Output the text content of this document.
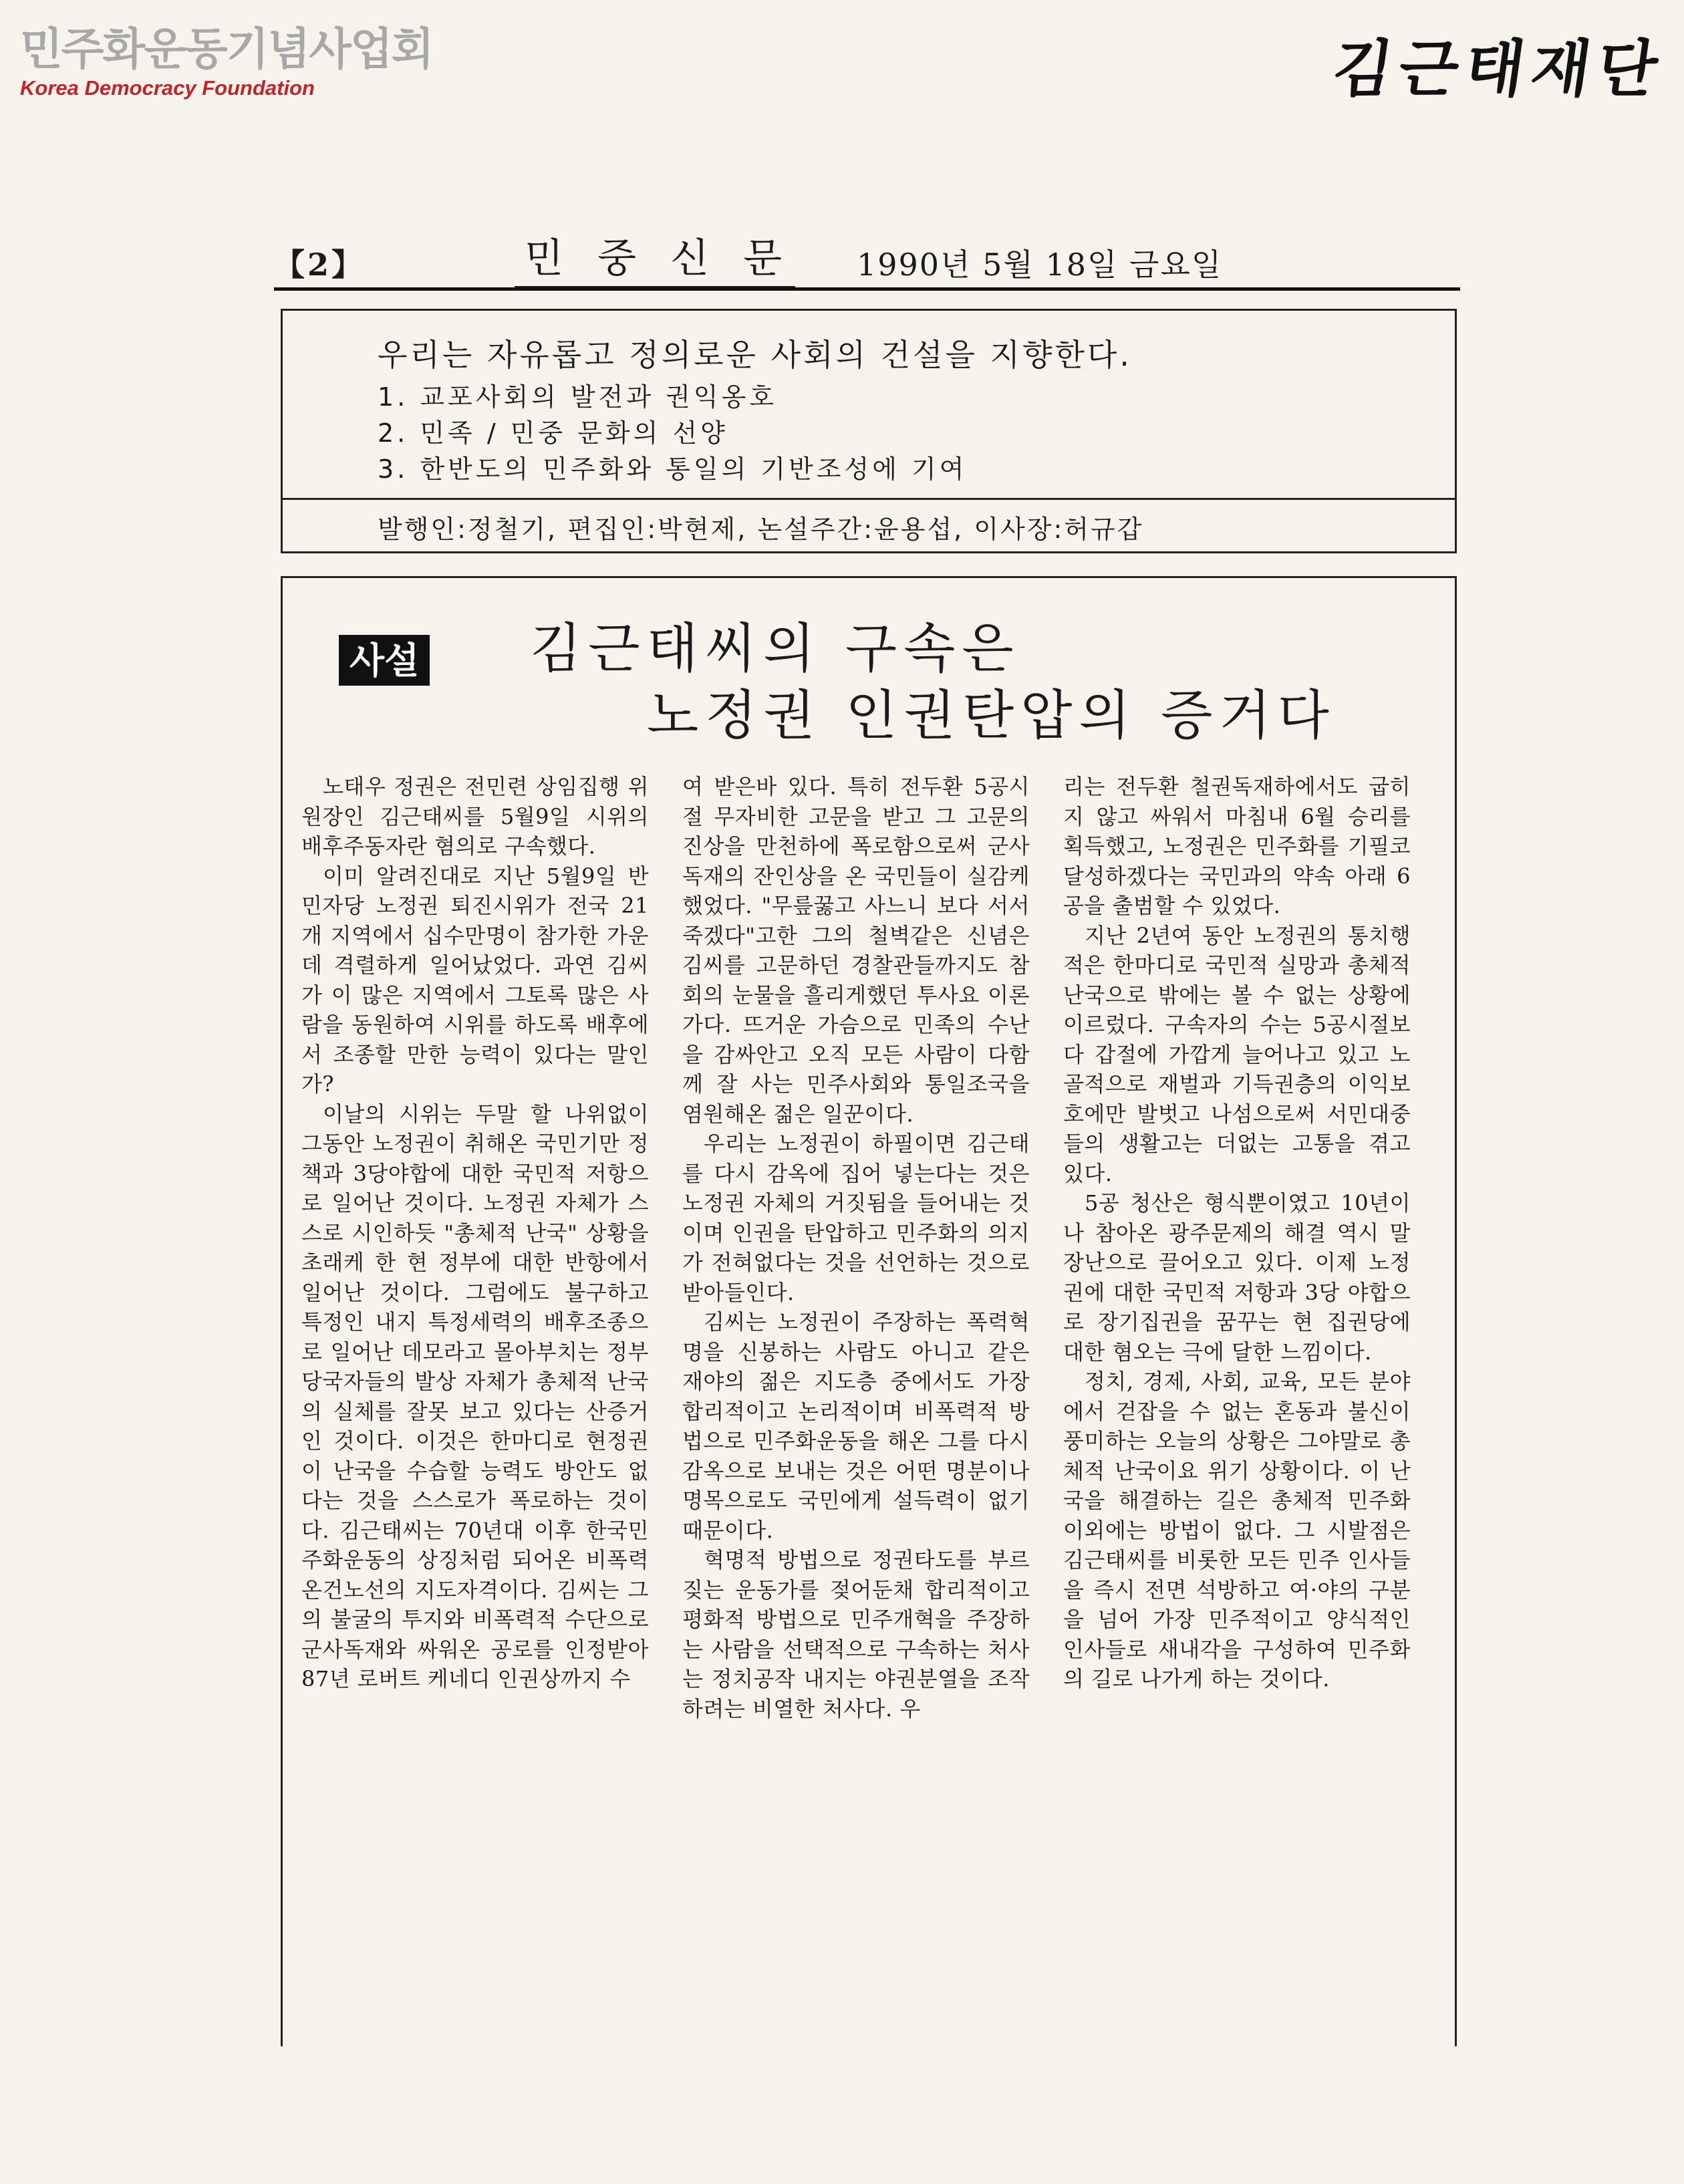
민주화운동기념사업회
Korea Democracy Foundation	김근태재단
【2】	민 중 신 문 1990년 5월 18일 금요일
우리는 자유롭고 정의로운 사회의 건설을 지향한다.
1. 교포사회의 발전과 권익옹호
2. 민족 / 민중 문화의 선양
3. 한반도의 민주화와 통일의 기반조성에 기여
발행인:정철기, 편집인:박현제, 논설주간:윤용섭, 이사장:허규갑
사설 김근태씨의 구속은
노정권 인권탄압의 증거다

노태우 정권은 전민련 상임집행 위원장인 김근태씨를 5월9일 시위의 배후주동자란 혐의로 구속했다.

이미 알려진대로 지난 5월9일 반민자당 노정권 퇴진시위가 전국 21개 지역에서 십수만명이 참가한 가운데 격렬하게 일어났었다. 과연 김씨가 이 많은 지역에서 그토록 많은 사람을 동원하여 시위를 하도록 배후에서 조종할 만한 능력이 있다는 말인가?

이날의 시위는 두말 할 나위없이 그동안 노정권이 취해온 국민기만 정책과 3당야합에 대한 국민적 저항으로 일어난 것이다. 노정권 자체가 스스로 시인하듯 "총체적 난국" 상황을 초래케 한 현 정부에 대한 반항에서 일어난 것이다. 그럼에도 불구하고 특정인 내지 특정세력의 배후조종으로 일어난 데모라고 몰아부치는 정부 당국자들의 발상 자체가 총체적 난국의 실체를 잘못 보고 있다는 산증거인 것이다. 이것은 한마디로 현정권이 난국을 수습할 능력도 방안도 없다는 것을 스스로가 폭로하는 것이다. 김근태씨는 70년대 이후 한국민주화운동의 상징처럼 되어온 비폭력 온건노선의 지도자격이다. 김씨는 그의 불굴의 투지와 비폭력적 수단으로 군사독재와 싸워온 공로를 인정받아 87년 로버트 케네디 인권상까지 수

여 받은바 있다. 특히 전두환 5공시절 무자비한 고문을 받고 그 고문의 진상을 만천하에 폭로함으로써 군사독재의 잔인상을 온 국민들이 실감케했었다. "무릎꿇고 사느니 보다 서서 죽겠다"고한 그의 철벽같은 신념은 김씨를 고문하던 경찰관들까지도 참회의 눈물을 흘리게했던 투사요 이론가다. 뜨거운 가슴으로 민족의 수난을 감싸안고 오직 모든 사람이 다함께 잘 사는 민주사회와 통일조국을 염원해온 젊은 일꾼이다.

우리는 노정권이 하필이면 김근태를 다시 감옥에 집어 넣는다는 것은 노정권 자체의 거짓됨을 들어내는 것이며 인권을 탄압하고 민주화의 의지가 전혀없다는 것을 선언하는 것으로 받아들인다.

김씨는 노정권이 주장하는 폭력혁명을 신봉하는 사람도 아니고 같은 재야의 젊은 지도층 중에서도 가장 합리적이고 논리적이며 비폭력적 방법으로 민주화운동을 해온 그를 다시 감옥으로 보내는 것은 어떤 명분이나 명목으로도 국민에게 설득력이 없기 때문이다.

혁명적 방법으로 정권타도를 부르짖는 운동가를 젖어둔채 합리적이고 평화적 방법으로 민주개혁을 주장하는 사람을 선택적으로 구속하는 처사는 정치공작 내지는 야권분열을 조작하려는 비열한 처사다. 우

리는 전두환 철권독재하에서도 굽히지 않고 싸워서 마침내 6월 승리를 획득했고, 노정권은 민주화를 기필코 달성하겠다는 국민과의 약속 아래 6공을 출범할 수 있었다.

지난 2년여 동안 노정권의 통치행적은 한마디로 국민적 실망과 총체적 난국으로 밖에는 볼 수 없는 상황에 이르렀다. 구속자의 수는 5공시절보다 갑절에 가깝게 늘어나고 있고 노골적으로 재벌과 기득권층의 이익보호에만 발벗고 나섬으로써 서민대중들의 생활고는 더없는 고통을 겪고 있다.

5공 청산은 형식뿐이였고 10년이나 참아온 광주문제의 해결 역시 말장난으로 끌어오고 있다. 이제 노정권에 대한 국민적 저항과 3당 야합으로 장기집권을 꿈꾸는 현 집권당에 대한 혐오는 극에 달한 느낌이다.

정치, 경제, 사회, 교육, 모든 분야에서 걷잡을 수 없는 혼동과 불신이 풍미하는 오늘의 상황은 그야말로 총체적 난국이요 위기 상황이다. 이 난국을 해결하는 길은 총체적 민주화 이외에는 방법이 없다. 그 시발점은 김근태씨를 비롯한 모든 민주 인사들을 즉시 전면 석방하고 여·야의 구분을 넘어 가장 민주적이고 양식적인 인사들로 새내각을 구성하여 민주화의 길로 나가게 하는 것이다.
